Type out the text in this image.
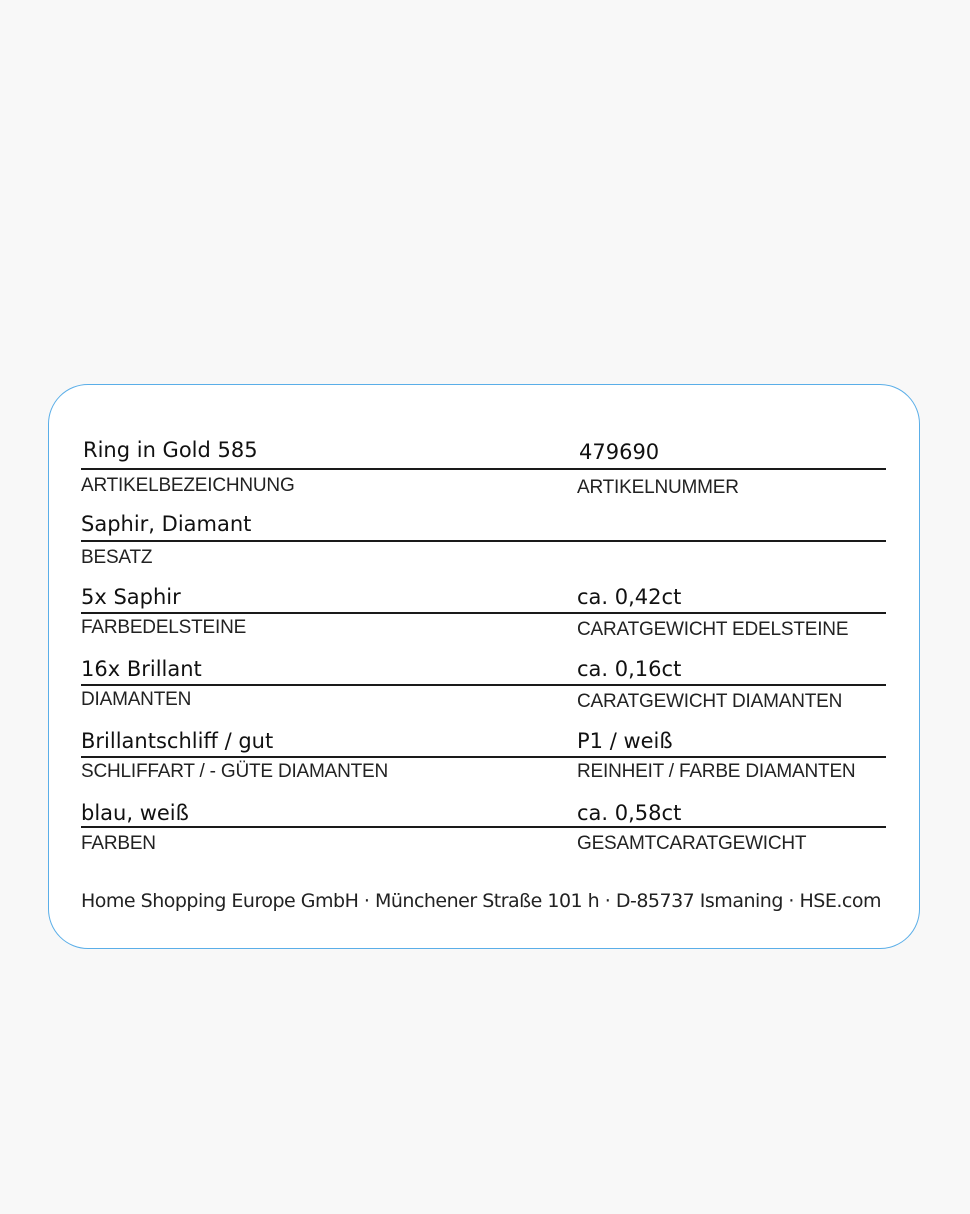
Ring in Gold 585
ARTIKELBEZEICHNUNG
479690
ARTIKELNUMMER
Saphir, Diamant
BESATZ
5x Saphir
FARBEDELSTEINE
ca. 0,42ct
CARATGEWICHT EDELSTEINE
16x Brillant
DIAMANTEN
ca. 0,16ct
CARATGEWICHT DIAMANTEN
Brillantschliff / gut
SCHLIFFART / - GÜTE DIAMANTEN
P1 / weiß
REINHEIT / FARBE DIAMANTEN
blau, weiß
FARBEN
ca. 0,58ct
GESAMTCARATGEWICHT
Home Shopping Europe GmbH · Münchener Straße 101 h · D-85737 Ismaning · HSE.com
